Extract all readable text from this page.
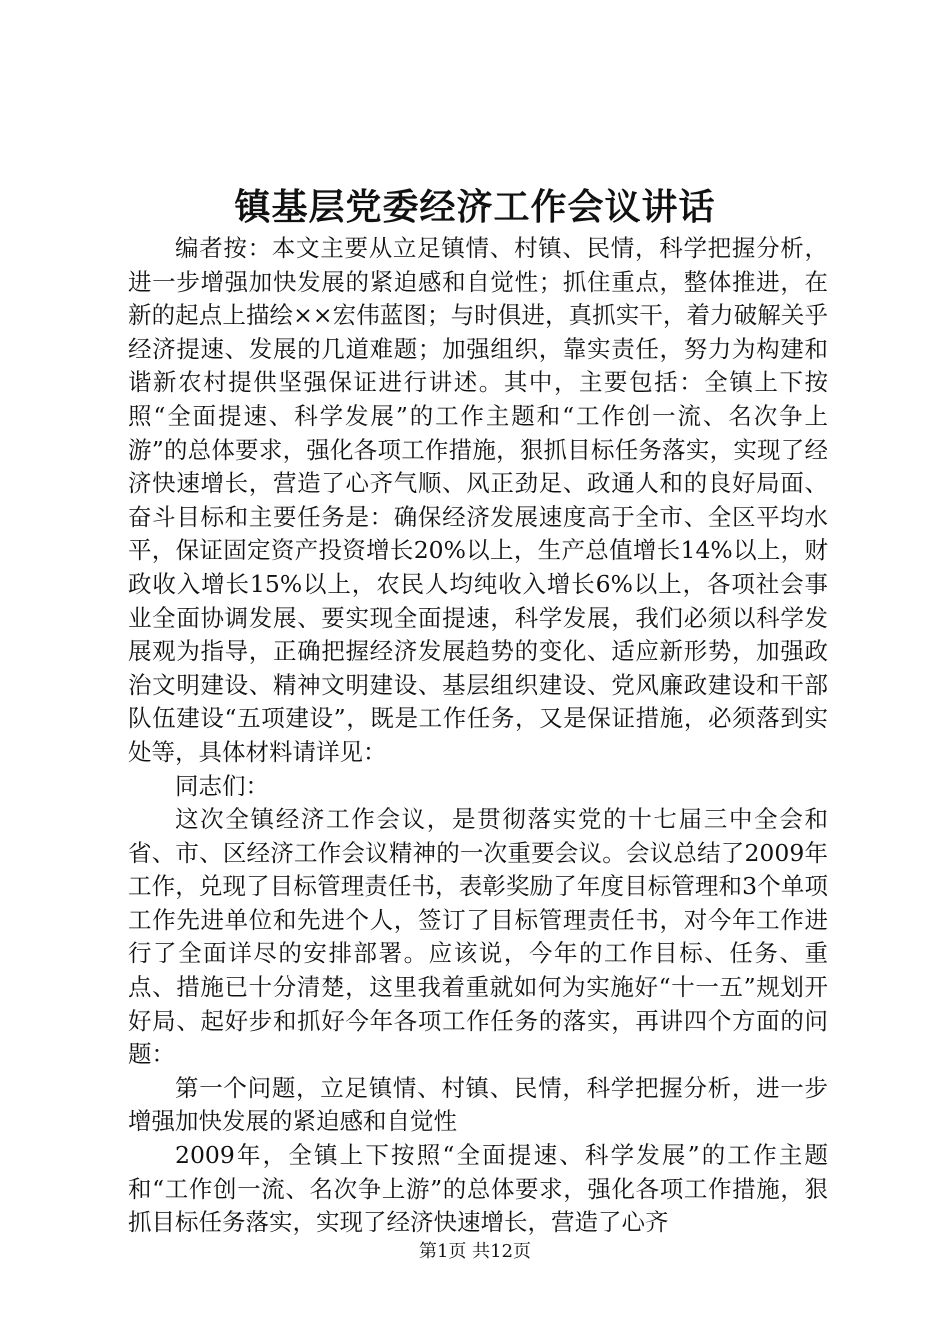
镇基层党委经济工作会议讲话

编者按：本文主要从立足镇情、村镇、民情，科学把握分析，进一步增强加快发展的紧迫感和自觉性；抓住重点，整体推进，在新的起点上描绘××宏伟蓝图；与时俱进，真抓实干，着力破解关乎经济提速、发展的几道难题；加强组织，靠实责任，努力为构建和谐新农村提供坚强保证进行讲述。其中，主要包括：全镇上下按照“全面提速、科学发展”的工作主题和“工作创一流、名次争上游”的总体要求，强化各项工作措施，狠抓目标任务落实，实现了经济快速增长，营造了心齐气顺、风正劲足、政通人和的良好局面、奋斗目标和主要任务是：确保经济发展速度高于全市、全区平均水平，保证固定资产投资增长20%以上，生产总值增长14%以上，财政收入增长15%以上，农民人均纯收入增长6%以上，各项社会事业全面协调发展、要实现全面提速，科学发展，我们必须以科学发展观为指导，正确把握经济发展趋势的变化、适应新形势，加强政治文明建设、精神文明建设、基层组织建设、党风廉政建设和干部队伍建设“五项建设”，既是工作任务，又是保证措施，必须落到实处等，具体材料请详见：

同志们：

这次全镇经济工作会议，是贯彻落实党的十七届三中全会和省、市、区经济工作会议精神的一次重要会议。会议总结了2009年工作，兑现了目标管理责任书，表彰奖励了年度目标管理和3个单项工作先进单位和先进个人，签订了目标管理责任书，对今年工作进行了全面详尽的安排部署。应该说，今年的工作目标、任务、重点、措施已十分清楚，这里我着重就如何为实施好“十一五”规划开好局、起好步和抓好今年各项工作任务的落实，再讲四个方面的问题：

第一个问题，立足镇情、村镇、民情，科学把握分析，进一步增强加快发展的紧迫感和自觉性

2009年，全镇上下按照“全面提速、科学发展”的工作主题和“工作创一流、名次争上游”的总体要求，强化各项工作措施，狠抓目标任务落实，实现了经济快速增长，营造了心齐

第1页 共12页
